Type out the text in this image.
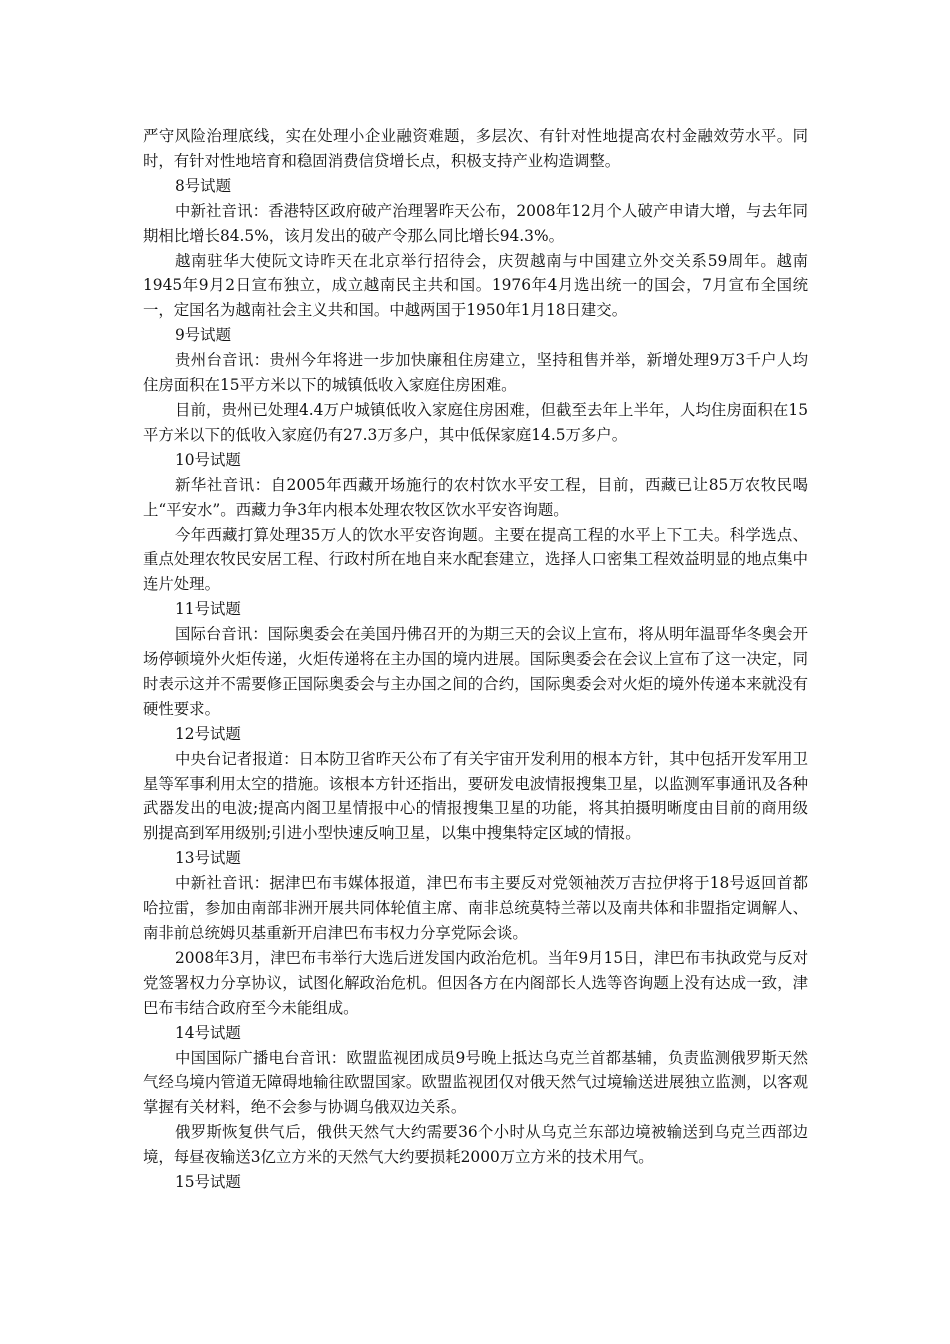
严守风险治理底线，实在处理小企业融资难题，多层次、有针对性地提高农村金融效劳水平。同时，有针对性地培育和稳固消费信贷增长点，积极支持产业构造调整。

8号试题

中新社音讯：香港特区政府破产治理署昨天公布，2008年12月个人破产申请大增，与去年同期相比增长84.5%，该月发出的破产令那么同比增长94.3%。

越南驻华大使阮文诗昨天在北京举行招待会，庆贺越南与中国建立外交关系59周年。越南1945年9月2日宣布独立，成立越南民主共和国。1976年4月选出统一的国会，7月宣布全国统一，定国名为越南社会主义共和国。中越两国于1950年1月18日建交。

9号试题

贵州台音讯：贵州今年将进一步加快廉租住房建立，坚持租售并举，新增处理9万3千户人均住房面积在15平方米以下的城镇低收入家庭住房困难。

目前，贵州已处理4.4万户城镇低收入家庭住房困难，但截至去年上半年，人均住房面积在15平方米以下的低收入家庭仍有27.3万多户，其中低保家庭14.5万多户。

10号试题

新华社音讯：自2005年西藏开场施行的农村饮水平安工程，目前，西藏已让85万农牧民喝上“平安水”。西藏力争3年内根本处理农牧区饮水平安咨询题。

今年西藏打算处理35万人的饮水平安咨询题。主要在提高工程的水平上下工夫。科学选点、重点处理农牧民安居工程、行政村所在地自来水配套建立，选择人口密集工程效益明显的地点集中连片处理。

11号试题

国际台音讯：国际奥委会在美国丹佛召开的为期三天的会议上宣布，将从明年温哥华冬奥会开场停顿境外火炬传递，火炬传递将在主办国的境内进展。国际奥委会在会议上宣布了这一决定，同时表示这并不需要修正国际奥委会与主办国之间的合约，国际奥委会对火炬的境外传递本来就没有硬性要求。

12号试题

中央台记者报道：日本防卫省昨天公布了有关宇宙开发利用的根本方针，其中包括开发军用卫星等军事利用太空的措施。该根本方针还指出，要研发电波情报搜集卫星，以监测军事通讯及各种武器发出的电波;提高内阁卫星情报中心的情报搜集卫星的功能，将其拍摄明晰度由目前的商用级别提高到军用级别;引进小型快速反响卫星，以集中搜集特定区域的情报。

13号试题

中新社音讯：据津巴布韦媒体报道，津巴布韦主要反对党领袖茨万吉拉伊将于18号返回首都哈拉雷，参加由南部非洲开展共同体轮值主席、南非总统莫特兰蒂以及南共体和非盟指定调解人、南非前总统姆贝基重新开启津巴布韦权力分享党际会谈。

2008年3月，津巴布韦举行大选后迸发国内政治危机。当年9月15日，津巴布韦执政党与反对党签署权力分享协议，试图化解政治危机。但因各方在内阁部长人选等咨询题上没有达成一致，津巴布韦结合政府至今未能组成。

14号试题

中国国际广播电台音讯：欧盟监视团成员9号晚上抵达乌克兰首都基辅，负责监测俄罗斯天然气经乌境内管道无障碍地输往欧盟国家。欧盟监视团仅对俄天然气过境输送进展独立监测，以客观掌握有关材料，绝不会参与协调乌俄双边关系。

俄罗斯恢复供气后，俄供天然气大约需要36个小时从乌克兰东部边境被输送到乌克兰西部边境，每昼夜输送3亿立方米的天然气大约要损耗2000万立方米的技术用气。

15号试题
